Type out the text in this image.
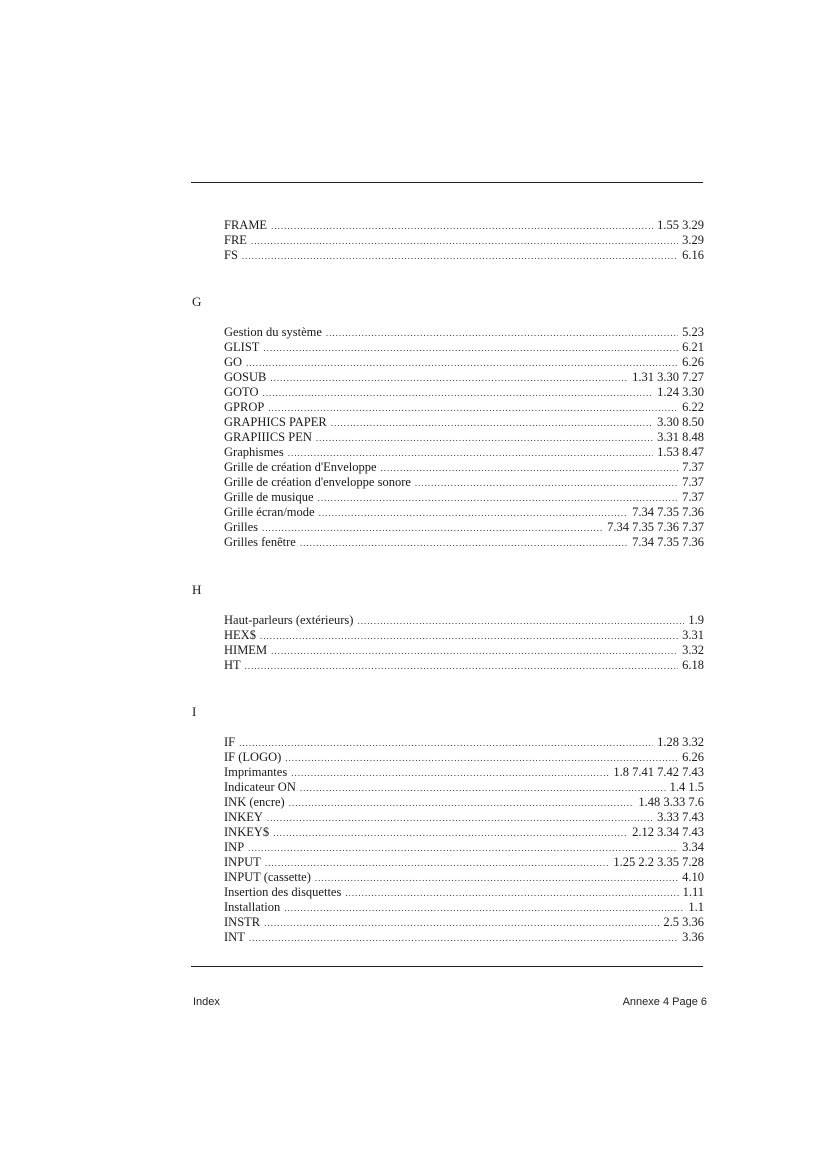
FRAME .....	1.55 3.29
FRE .....	3.29
FS .....	6.16
G
Gestion du système .....	5.23
GLIST .....	6.21
GO .....	6.26
GOSUB .....	1.31 3.30 7.27
GOTO .....	1.24 3.30
GPROP .....	6.22
GRAPHICS PAPER .....	3.30 8.50
GRAPIIICS PEN .....	3.31 8.48
Graphismes .....	1.53 8.47
Grille de création d'Enveloppe .....	7.37
Grille de création d'enveloppe sonore .....	7.37
Grille de musique .....	7.37
Grille écran/mode .....	7.34 7.35 7.36
Grilles .....	7.34 7.35 7.36 7.37
Grilles fenêtre .....	7.34 7.35 7.36
H
Haut-parleurs (extérieurs) .....	1.9
HEX$ .....	3.31
HIMEM .....	3.32
HT .....	6.18
I
IF .....	1.28 3.32
IF (LOGO) .....	6.26
Imprimantes .....	1.8 7.41 7.42 7.43
Indicateur ON .....	1.4 1.5
INK (encre) .....	1.48 3.33 7.6
INKEY .....	3.33 7.43
INKEY$ .....	2.12 3.34 7.43
INP .....	3.34
INPUT .....	1.25 2.2 3.35 7.28
INPUT (cassette) .....	4.10
Insertion des disquettes .....	1.11
Installation .....	1.1
INSTR .....	2.5 3.36
INT .....	3.36
Index	Annexe 4 Page 6
